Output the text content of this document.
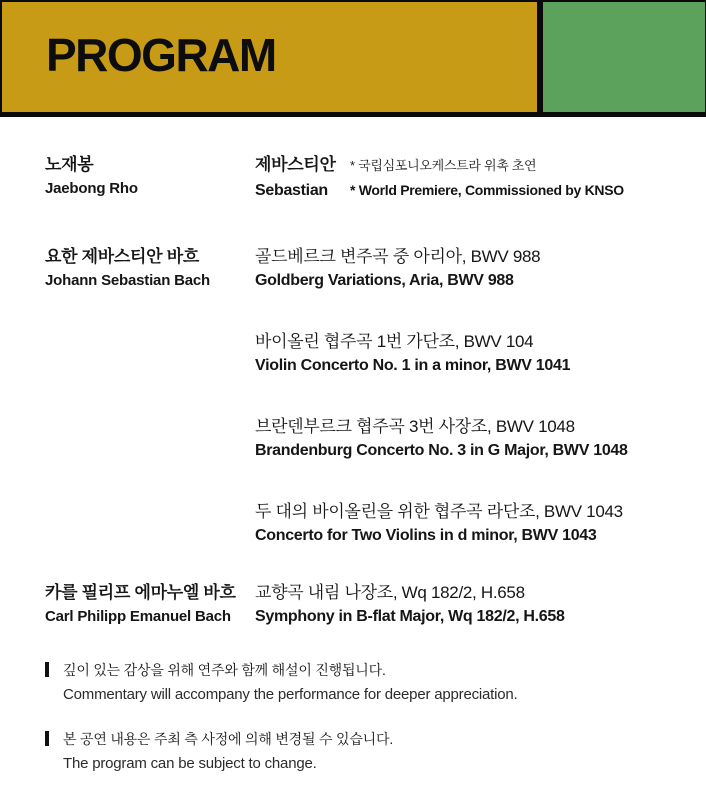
PROGRAM
노재봉
Jaebong Rho
제바스티안	* 국립심포니오케스트라 위촉 초연
Sebastian	* World Premiere, Commissioned by KNSO
요한 제바스티안 바흐
Johann Sebastian Bach
골드베르크 변주곡 중 아리아, BWV 988
Goldberg Variations, Aria, BWV 988
바이올린 협주곡 1번 가단조, BWV 104
Violin Concerto No. 1 in a minor, BWV 1041
브란덴부르크 협주곡 3번 사장조, BWV 1048
Brandenburg Concerto No. 3 in G Major, BWV 1048
두 대의 바이올린을 위한 협주곡 라단조, BWV 1043
Concerto for Two Violins in d minor, BWV 1043
카를 필리프 에마누엘 바흐
Carl Philipp Emanuel Bach
교향곡 내림 나장조, Wq 182/2, H.658
Symphony in B-flat Major, Wq 182/2, H.658
깊이 있는 감상을 위해 연주와 함께 해설이 진행됩니다.
Commentary will accompany the performance for deeper appreciation.
본 공연 내용은 주최 측 사정에 의해 변경될 수 있습니다.
The program can be subject to change.
